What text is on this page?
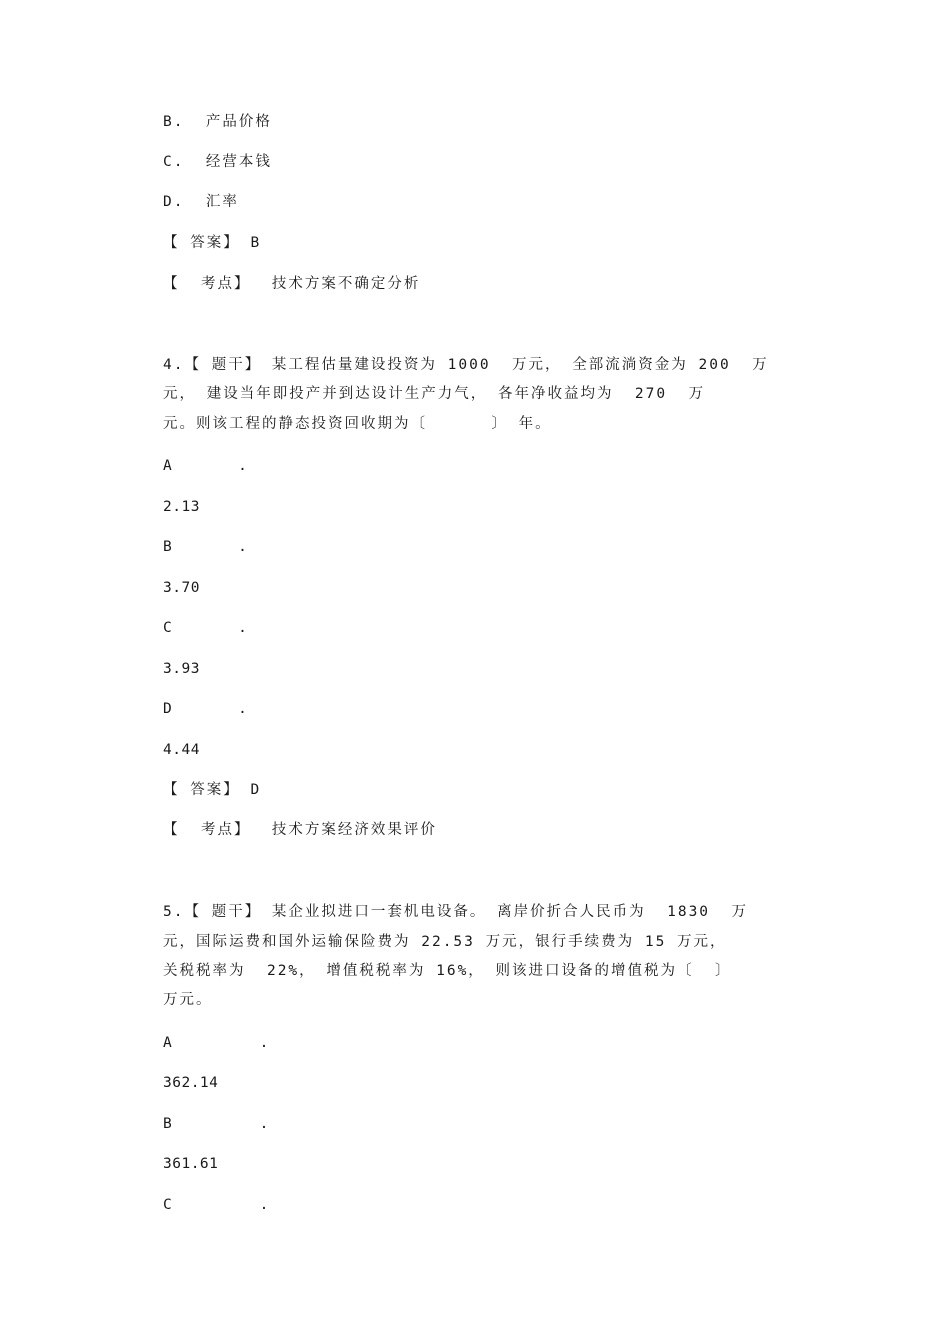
B.  产品价格
C.  经营本钱
D.  汇率
【 答案】 B
【  考点】  技术方案不确定分析
4.【 题干】 某工程估量建设投资为 1000  万元， 全部流淌资金为 200  万
元， 建设当年即投产并到达设计生产力气， 各年净收益均为  270  万
元。则该工程的静态投资回收期为〔      〕 年。
A      .
2.13
B      .
3.70
C      .
3.93
D      .
4.44
【 答案】 D
【  考点】  技术方案经济效果评价
5.【 题干】 某企业拟进口一套机电设备。 离岸价折合人民币为  1830  万
元，国际运费和国外运输保险费为 22.53 万元，银行手续费为 15 万元，
关税税率为  22%， 增值税税率为 16%， 则该进口设备的增值税为〔  〕
万元。
A        .
362.14
B        .
361.61
C        .
